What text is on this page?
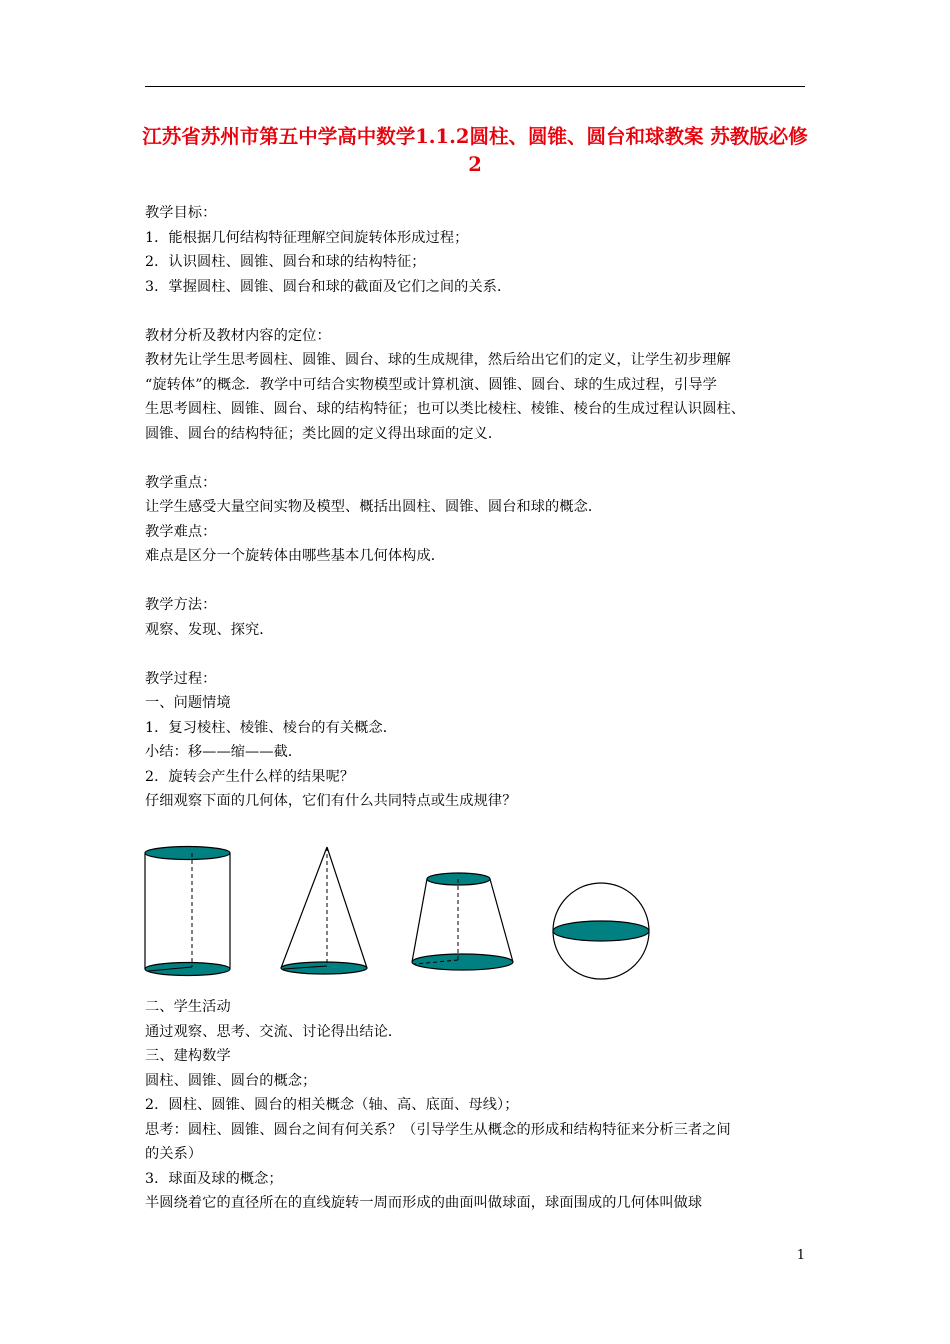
江苏省苏州市第五中学高中数学1.1.2圆柱、圆锥、圆台和球教案 苏教版必修2

教学目标：

1．能根据几何结构特征理解空间旋转体形成过程；

2．认识圆柱、圆锥、圆台和球的结构特征；

3．掌握圆柱、圆锥、圆台和球的截面及它们之间的关系．

教材分析及教材内容的定位：

教材先让学生思考圆柱、圆锥、圆台、球的生成规律，然后给出它们的定义，让学生初步理解

“旋转体”的概念．教学中可结合实物模型或计算机演、圆锥、圆台、球的生成过程，引导学

生思考圆柱、圆锥、圆台、球的结构特征；也可以类比棱柱、棱锥、棱台的生成过程认识圆柱、

圆锥、圆台的结构特征；类比圆的定义得出球面的定义．

教学重点：

让学生感受大量空间实物及模型、概括出圆柱、圆锥、圆台和球的概念．

教学难点：

难点是区分一个旋转体由哪些基本几何体构成．

教学方法：

观察、发现、探究．

教学过程：

一、问题情境

1．复习棱柱、棱锥、棱台的有关概念．

小结：移——缩——截．

2．旋转会产生什么样的结果呢？

仔细观察下面的几何体，它们有什么共同特点或生成规律？

二、学生活动

通过观察、思考、交流、讨论得出结论．

三、建构数学

圆柱、圆锥、圆台的概念；

2．圆柱、圆锥、圆台的相关概念（轴、高、底面、母线）；

思考：圆柱、圆锥、圆台之间有何关系？（引导学生从概念的形成和结构特征来分析三者之间

的关系）

3．球面及球的概念；

半圆绕着它的直径所在的直线旋转一周而形成的曲面叫做球面，球面围成的几何体叫做球

1
